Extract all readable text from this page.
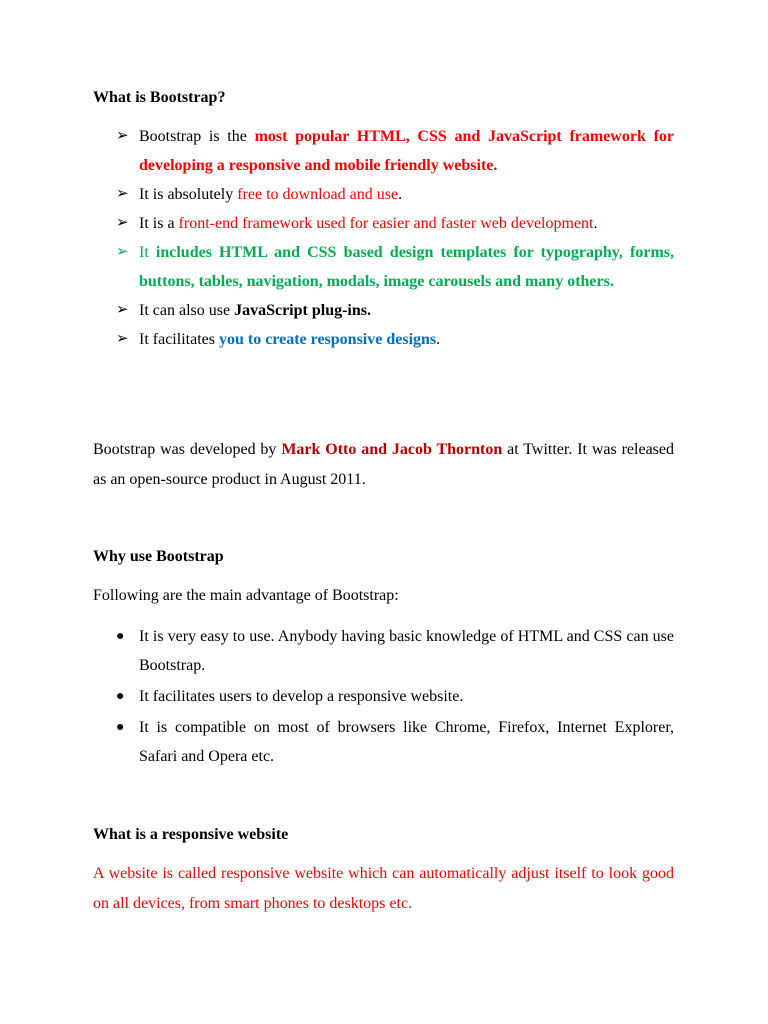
What is Bootstrap?
➢ Bootstrap is the most popular HTML, CSS and JavaScript framework for developing a responsive and mobile friendly website.
➢ It is absolutely free to download and use.
➢ It is a front-end framework used for easier and faster web development.
➢ It includes HTML and CSS based design templates for typography, forms, buttons, tables, navigation, modals, image carousels and many others.
➢ It can also use JavaScript plug-ins.
➢ It facilitates you to create responsive designs.

Bootstrap was developed by Mark Otto and Jacob Thornton at Twitter. It was released as an open-source product in August 2011.

Why use Bootstrap

Following are the main advantage of Bootstrap:

● It is very easy to use. Anybody having basic knowledge of HTML and CSS can use Bootstrap.
● It facilitates users to develop a responsive website.
● It is compatible on most of browsers like Chrome, Firefox, Internet Explorer, Safari and Opera etc.
What is a responsive website

A website is called responsive website which can automatically adjust itself to look good on all devices, from smart phones to desktops etc.
